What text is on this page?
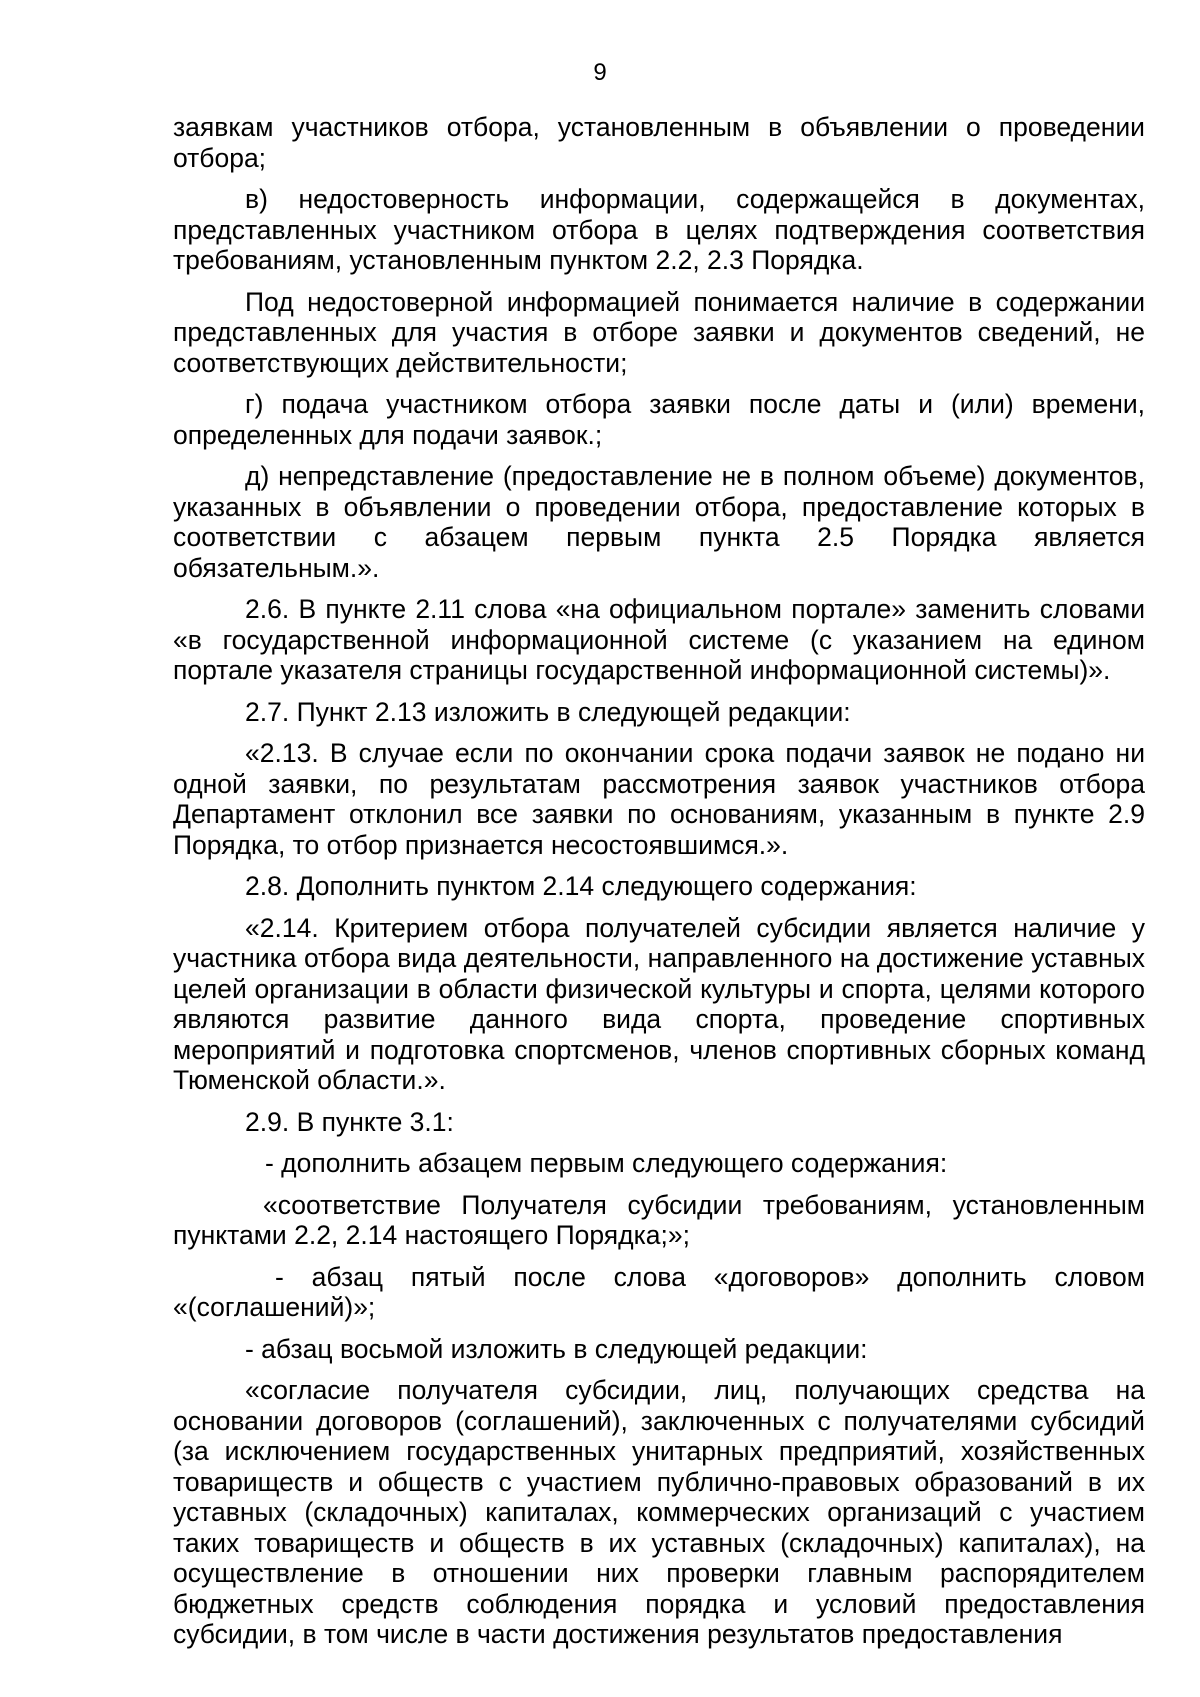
9

заявкам участников отбора, установленным в объявлении о проведении отбора;

в) недостоверность информации, содержащейся в документах, представленных участником отбора в целях подтверждения соответствия требованиям, установленным пунктом 2.2, 2.3 Порядка.

Под недостоверной информацией понимается наличие в содержании представленных для участия в отборе заявки и документов сведений, не соответствующих действительности;

г) подача участником отбора заявки после даты и (или) времени, определенных для подачи заявок.;

д) непредставление (предоставление не в полном объеме) документов, указанных в объявлении о проведении отбора, предоставление которых в соответствии с абзацем первым пункта 2.5 Порядка является обязательным.».

2.6. В пункте 2.11 слова «на официальном портале» заменить словами «в государственной информационной системе (с указанием на едином портале указателя страницы государственной информационной системы)».

2.7. Пункт 2.13 изложить в следующей редакции:

«2.13. В случае если по окончании срока подачи заявок не подано ни одной заявки, по результатам рассмотрения заявок участников отбора Департамент отклонил все заявки по основаниям, указанным в пункте 2.9 Порядка, то отбор признается несостоявшимся.».

2.8. Дополнить пунктом 2.14 следующего содержания:

«2.14. Критерием отбора получателей субсидии является наличие у участника отбора вида деятельности, направленного на достижение уставных целей организации в области физической культуры и спорта, целями которого являются развитие данного вида спорта, проведение спортивных мероприятий и подготовка спортсменов, членов спортивных сборных команд Тюменской области.».

2.9. В пункте 3.1:

- дополнить абзацем первым следующего содержания:

«соответствие Получателя субсидии требованиям, установленным пунктами 2.2, 2.14 настоящего Порядка;»;

- абзац пятый после слова «договоров» дополнить словом «(соглашений)»;

- абзац восьмой изложить в следующей редакции:

«согласие получателя субсидии, лиц, получающих средства на основании договоров (соглашений), заключенных с получателями субсидий (за исключением государственных унитарных предприятий, хозяйственных товариществ и обществ с участием публично-правовых образований в их уставных (складочных) капиталах, коммерческих организаций с участием таких товариществ и обществ в их уставных (складочных) капиталах), на осуществление в отношении них проверки главным распорядителем бюджетных средств соблюдения порядка и условий предоставления субсидии, в том числе в части достижения результатов предоставления
